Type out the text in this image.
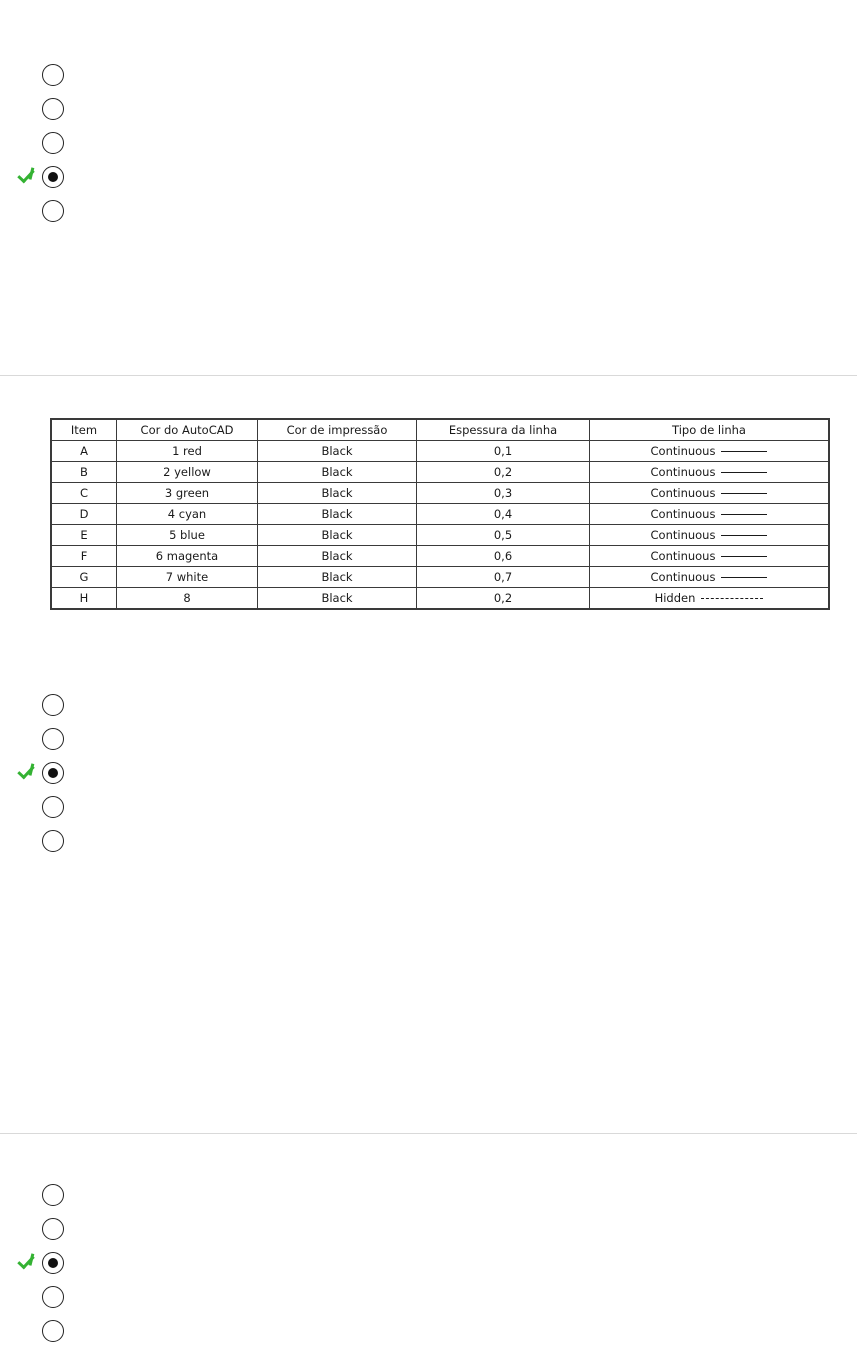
Item	Cor do AutoCAD	Cor de impressão	Espessura da linha	Tipo de linha
A	1 red	Black	0,1	Continuous
B	2 yellow	Black	0,2	Continuous
C	3 green	Black	0,3	Continuous
D	4 cyan	Black	0,4	Continuous
E	5 blue	Black	0,5	Continuous
F	6 magenta	Black	0,6	Continuous
G	7 white	Black	0,7	Continuous
H	8	Black	0,2	Hidden
